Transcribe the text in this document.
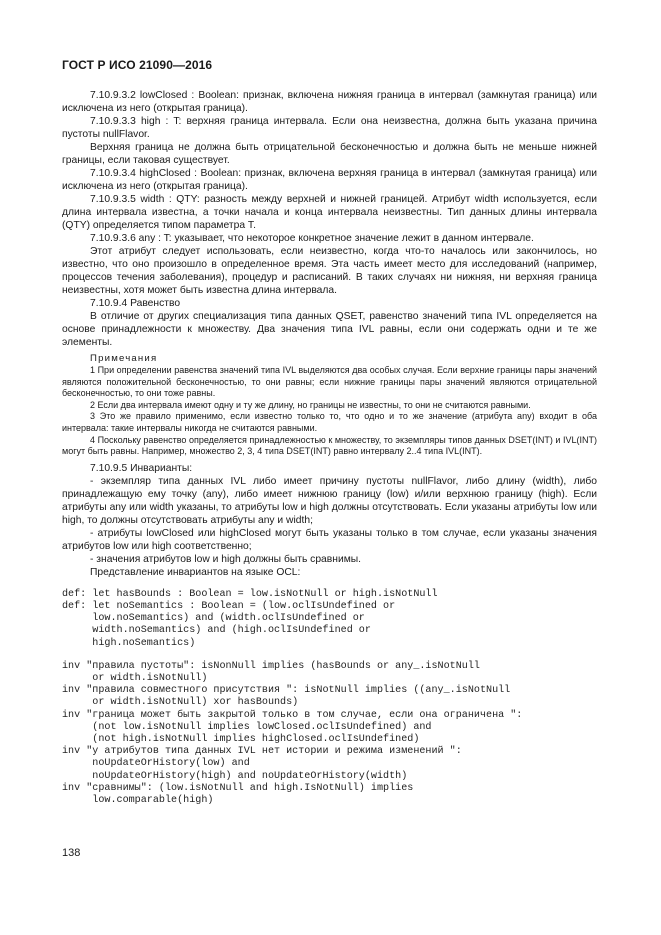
ГОСТ Р ИСО 21090—2016

7.10.9.3.2 lowClosed : Boolean: признак, включена нижняя граница в интервал (замкнутая граница) или исключена из него (открытая граница).

7.10.9.3.3 high : T: верхняя граница интервала. Если она неизвестна, должна быть указана причина пустоты nullFlavor.

Верхняя граница не должна быть отрицательной бесконечностью и должна быть не меньше нижней границы, если таковая существует.

7.10.9.3.4 highClosed : Boolean: признак, включена верхняя граница в интервал (замкнутая граница) или исключена из него (открытая граница).

7.10.9.3.5 width : QTY: разность между верхней и нижней границей. Атрибут width используется, если длина интервала известна, а точки начала и конца интервала неизвестны. Тип данных длины интервала (QTY) определяется типом параметра T.

7.10.9.3.6 any : T: указывает, что некоторое конкретное значение лежит в данном интервале.

Этот атрибут следует использовать, если неизвестно, когда что-то началось или закончилось, но известно, что оно произошло в определенное время. Эта часть имеет место для исследований (например, процессов течения заболевания), процедур и расписаний. В таких случаях ни нижняя, ни верхняя граница неизвестны, хотя может быть известна длина интервала.

7.10.9.4 Равенство

В отличие от других специализация типа данных QSET, равенство значений типа IVL определяется на основе принадлежности к множеству. Два значения типа IVL равны, если они содержать одни и те же элементы.

Примечания

1 При определении равенства значений типа IVL выделяются два особых случая. Если верхние границы пары значений являются положительной бесконечностью, то они равны; если нижние границы пары значений являются отрицательной бесконечностью, то они тоже равны.

2 Если два интервала имеют одну и ту же длину, но границы не известны, то они не считаются равными.

3 Это же правило применимо, если известно только то, что одно и то же значение (атрибута any) входит в оба интервала: такие интервалы никогда не считаются равными.

4 Поскольку равенство определяется принадлежностью к множеству, то экземпляры типов данных DSET(INT) и IVL(INT) могут быть равны. Например, множество 2, 3, 4 типа DSET(INT) равно интервалу 2..4 типа IVL(INT).

7.10.9.5 Инварианты:

- экземпляр типа данных IVL либо имеет причину пустоты nullFlavor, либо длину (width), либо принадлежащую ему точку (any), либо имеет нижнюю границу (low) и/или верхнюю границу (high). Если атрибуты any или width указаны, то атрибуты low и high должны отсутствовать. Если указаны атрибуты low или high, то должны отсутствовать атрибуты any и width;

- атрибуты lowClosed или highClosed могут быть указаны только в том случае, если указаны значения атрибутов low или high соответственно;

- значения атрибутов low и high должны быть сравнимы.

Представление инвариантов на языке OCL:

def: let hasBounds : Boolean = low.isNotNull or high.isNotNull
def: let noSemantics : Boolean = (low.oclIsUndefined or
low.noSemantics) and (width.oclIsUndefined or
width.noSemantics) and (high.oclIsUndefined or
high.noSemantics)
inv "правила пустоты": isNonNull implies (hasBounds or any_.isNotNull
or width.isNotNull)
inv "правила совместного присутствия ": isNotNull implies ((any_.isNotNull
or width.isNotNull) xor hasBounds)
inv "граница может быть закрытой только в том случае, если она ограничена ":
(not low.isNotNull implies lowClosed.oclIsUndefined) and
(not high.isNotNull implies highClosed.oclIsUndefined)
inv "у атрибутов типа данных IVL нет истории и режима изменений ":
noUpdateOrHistory(low) and
noUpdateOrHistory(high) and noUpdateOrHistory(width)
inv "сравнимы": (low.isNotNull and high.IsNotNull) implies
low.comparable(high)
138
